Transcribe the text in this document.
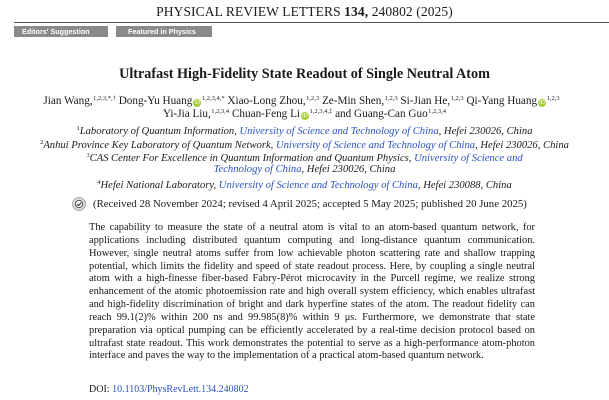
PHYSICAL REVIEW LETTERS 134, 240802 (2025)
Editors' Suggestion	Featured in Physics
Ultrafast High-Fidelity State Readout of Single Neutral Atom
Jian Wang,$^{1,2,3,*,\dagger}$ Dong-Yu Huang $iD^{1,2,3,4,*}$ Xiao-Long Zhou,$^{1,2,3}$ Ze-Min Shen,$^{1,2,3}$ Si-Jian He,$^{1,2,3}$ Qi-Yang Huang iD$^{1,2,3}$
Yi-Jia Liu,$^{1,2,3,4}$ Chuan-Feng Li $iD^{1,2,3,4,\ddagger}$ and Guang-Can Guo$^{1,2,3,4}$
$^1$Laboratory of Quantum Information, University of Science and Technology of China, Hefei 230026, China
$^2$Anhui Province Key Laboratory of Quantum Network, University of Science and Technology of China, Hefei 230026, China
$^3$CAS Center For Excellence in Quantum Information and Quantum Physics, University of Science and
Technology of China, Hefei 230026, China
$^4$Hefei National Laboratory, University of Science and Technology of China, Hefei 230088, China
(Received 28 November 2024; revised 4 April 2025; accepted 5 May 2025; published 20 June 2025)
The capability to measure the state of a neutral atom is vital to an atom-based quantum network, for applications including distributed quantum computing and long-distance quantum communication. However, single neutral atoms suffer from low achievable photon scattering rate and shallow trapping potential, which limits the fidelity and speed of state readout process. Here, by coupling a single neutral atom with a high-finesse fiber-based Fabry-Pérot microcavity in the Purcell regime, we realize strong enhancement of the atomic photoemission rate and high overall system efficiency, which enables ultrafast and high-fidelity discrimination of bright and dark hyperfine states of the atom. The readout fidelity can reach 99.1(2)% within 200 ns and 99.985(8)% within 9 μs. Furthermore, we demonstrate that state preparation via optical pumping can be efficiently accelerated by a real-time decision protocol based on ultrafast state readout. This work demonstrates the potential to serve as a high-performance atom-photon interface and paves the way to the implementation of a practical atom-based quantum network.
DOI: 10.1103/PhysRevLett.134.240802
